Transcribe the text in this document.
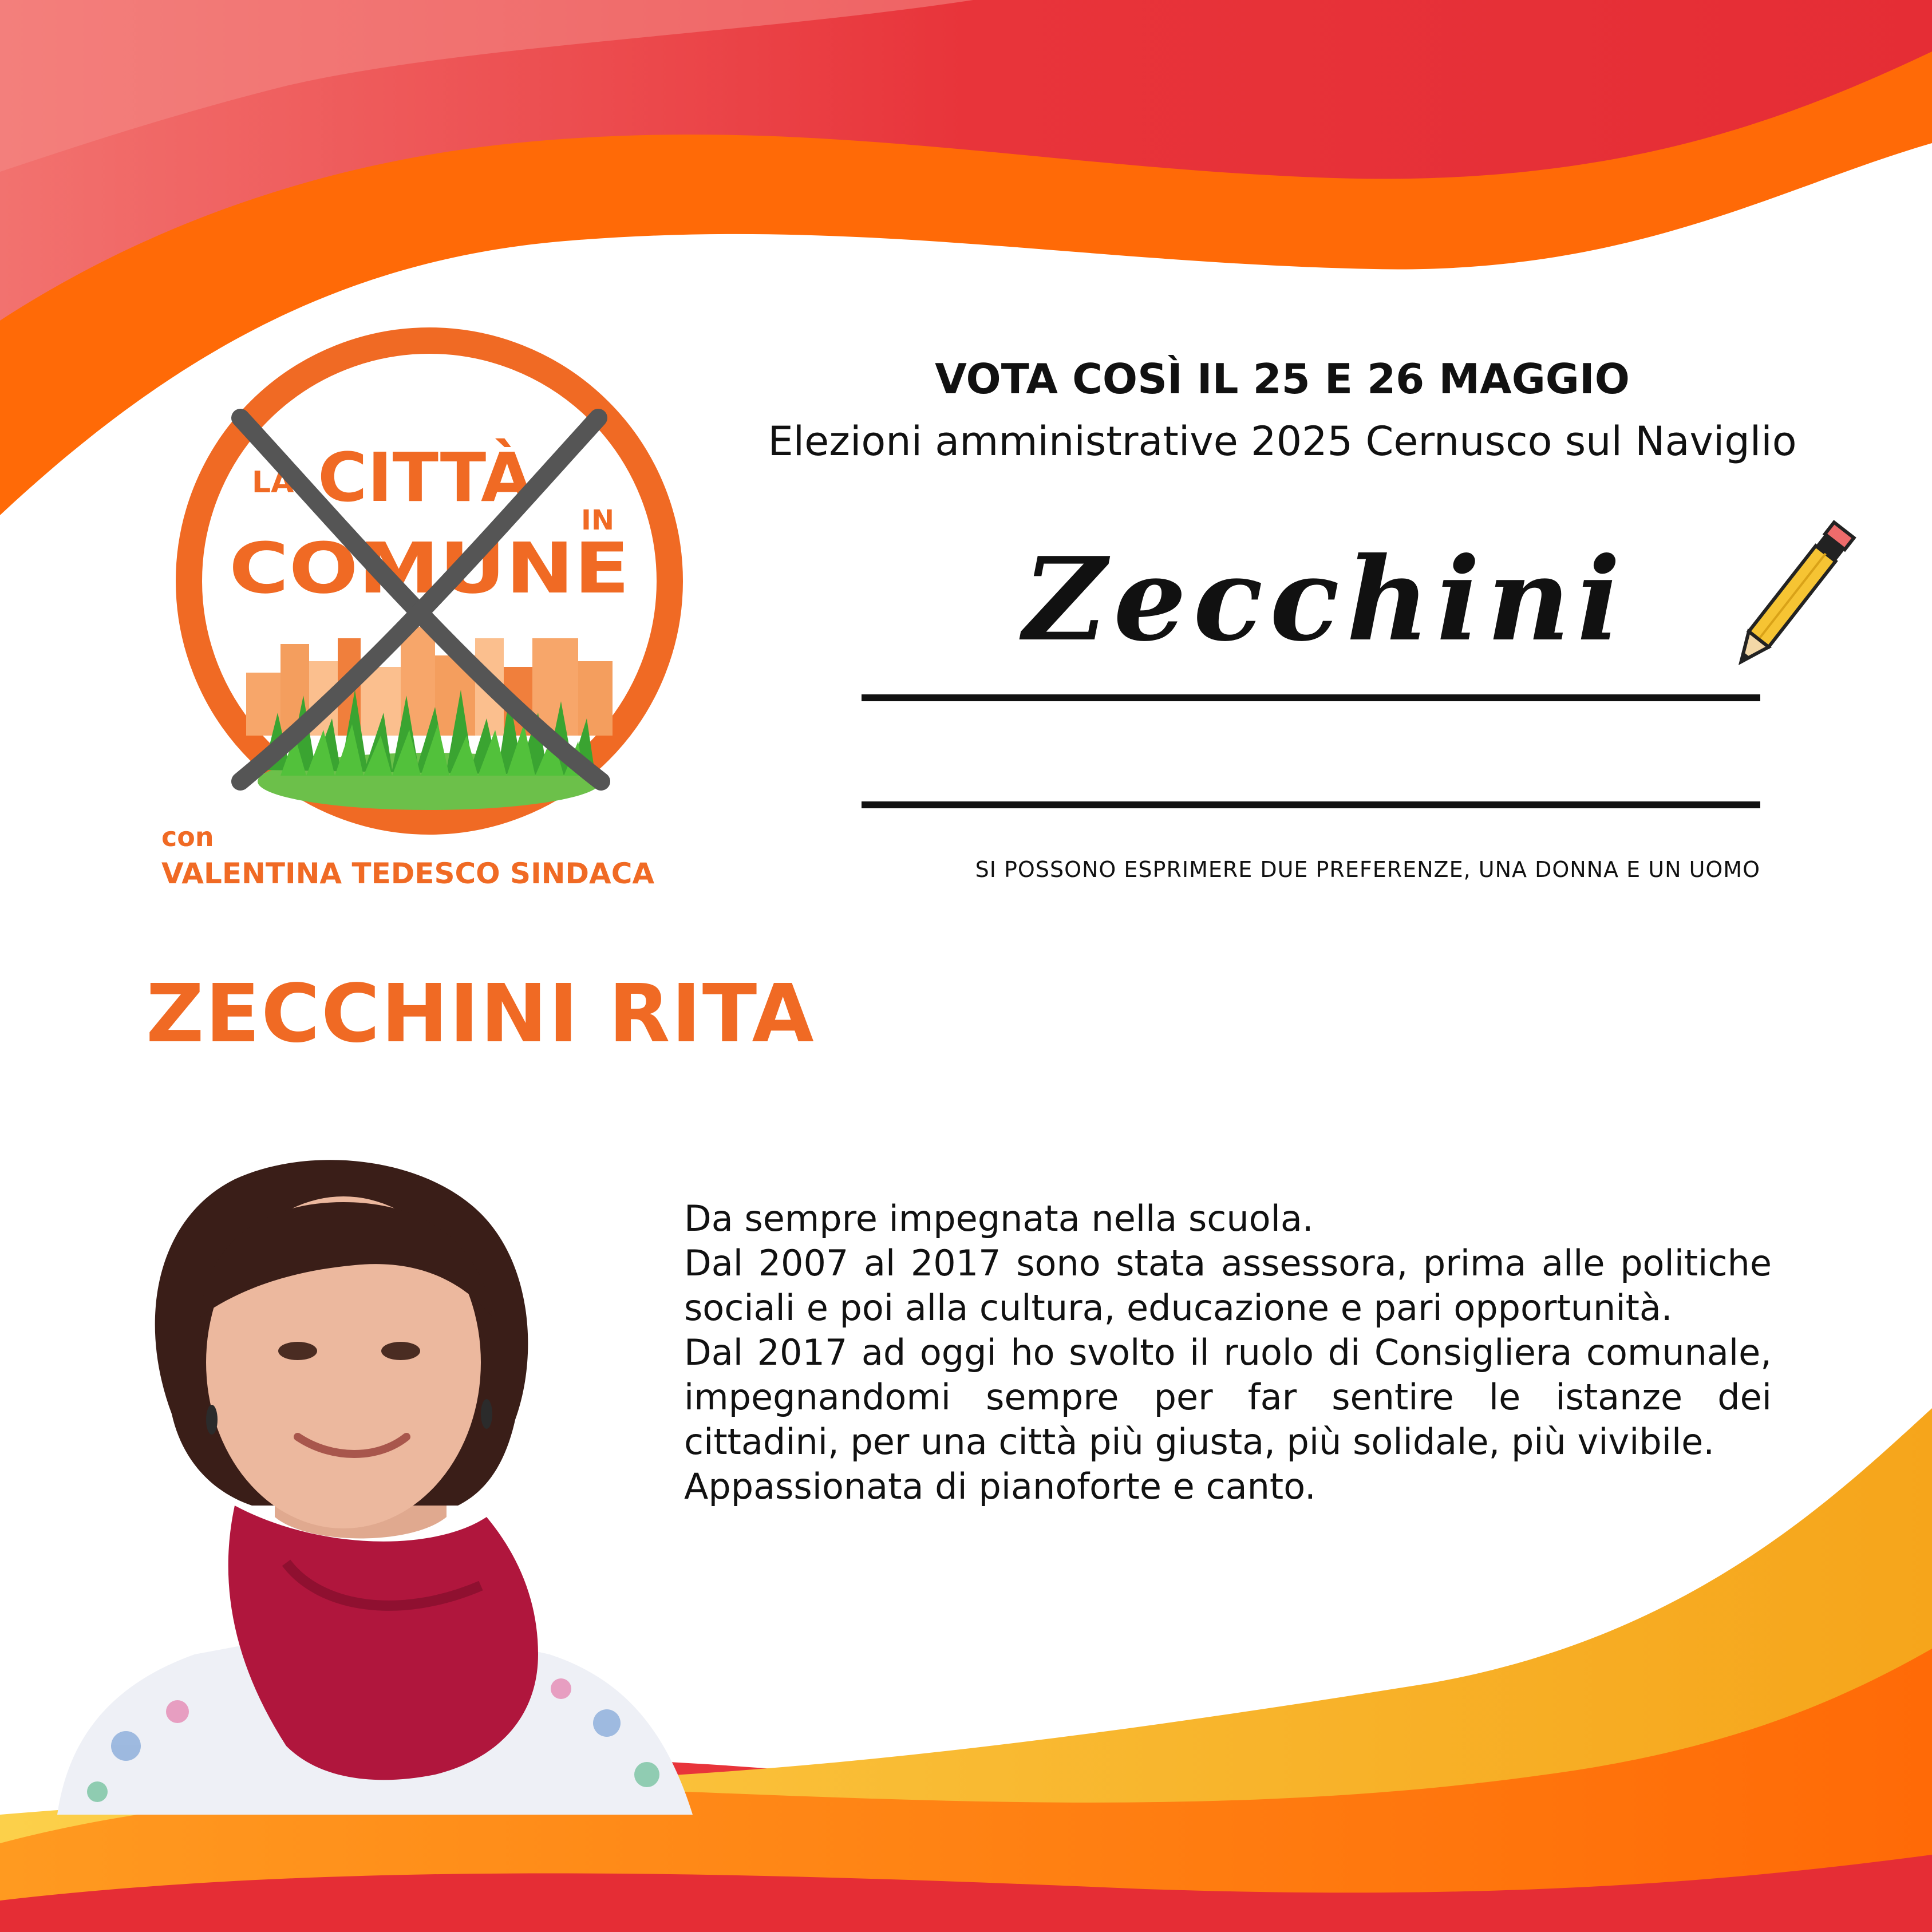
LA CITTÀ
IN
COMUNE
con
VALENTINA TEDESCO SINDACA
VOTA COSÌ IL 25 E 26 MAGGIO
Elezioni amministrative 2025 Cernusco sul Naviglio
Zecchini
SI POSSONO ESPRIMERE DUE PREFERENZE, UNA DONNA E UN UOMO
ZECCHINI RITA

Da sempre impegnata nella scuola.

Dal 2007 al 2017 sono stata assessora, prima alle politiche sociali e poi alla cultura, educazione e pari opportunità.

Dal 2017 ad oggi ho svolto il ruolo di Consigliera comunale, impegnandomi sempre per far sentire le istanze dei cittadini, per una città più giusta, più solidale, più vivibile.

Appassionata di pianoforte e canto.
